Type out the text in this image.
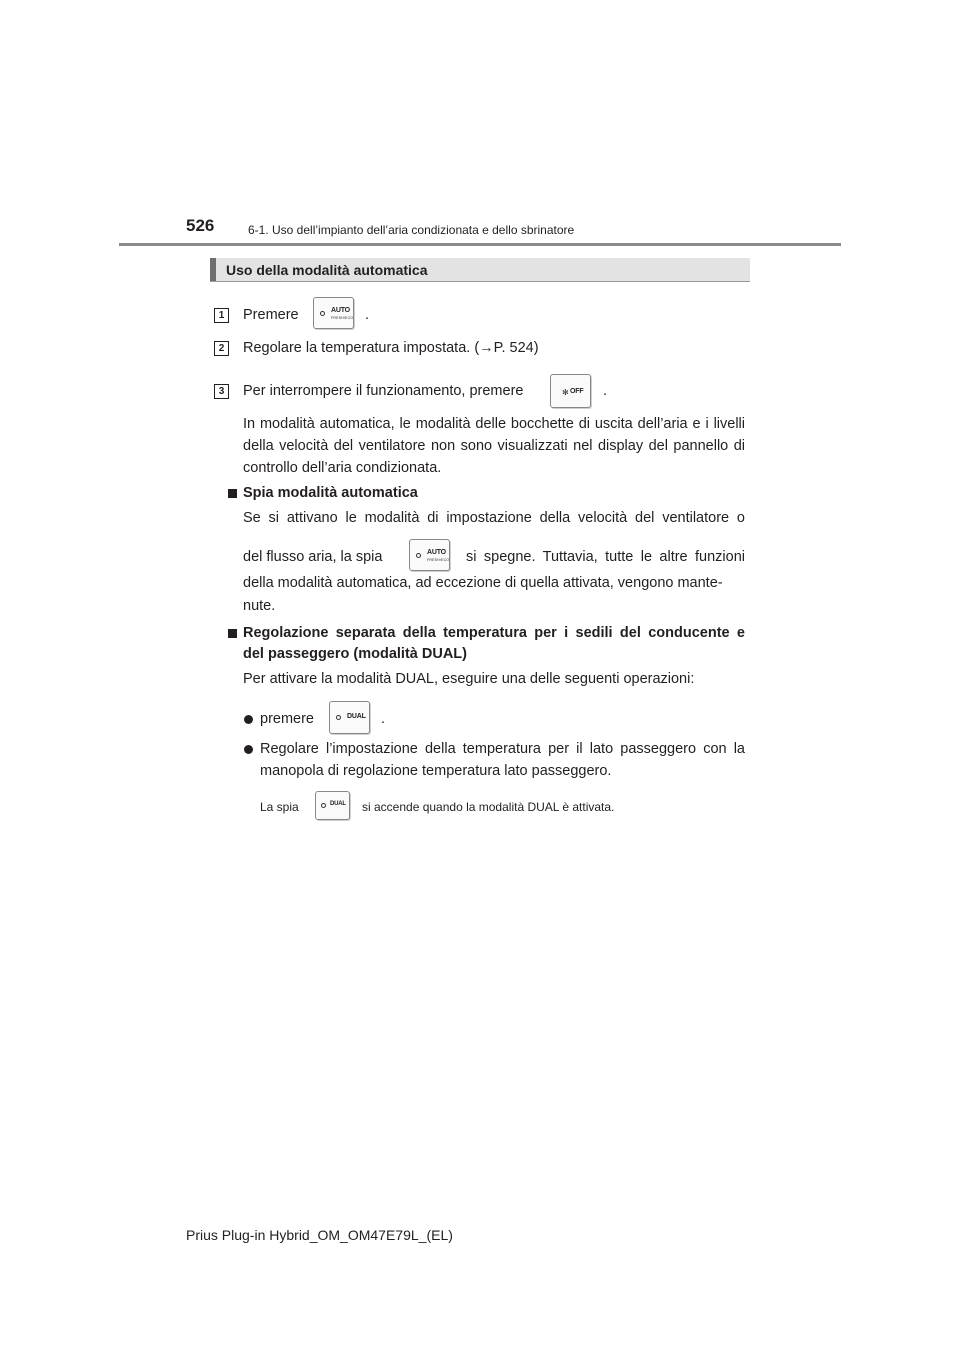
526	6-1. Uso dell’impianto dell’aria condizionata e dello sbrinatore
Uso della modalità automatica
1	Premere	AUTO
FRESH/ECO .
2	Regolare la temperatura impostata. (→P. 524)
3	Per interrompere il funzionamento, premere	✻ OFF .
In modalità automatica, le modalità delle bocchette di uscita dell’aria e i livelli della velocità del ventilatore non sono visualizzati nel display del pannello di controllo dell’aria condizionata.
Spia modalità automatica
Se si attivano le modalità di impostazione della velocità del ventilatore o
del flusso aria, la spia	AUTO
FRESH/ECO si spegne. Tuttavia, tutte le altre funzioni
della modalità automatica, ad eccezione di quella attivata, vengono mante-
nute.
Regolazione separata della temperatura per i sedili del conducente e
del passeggero (modalità DUAL)
Per attivare la modalità DUAL, eseguire una delle seguenti operazioni:
premere	DUAL .
Regolare l’impostazione della temperatura per il lato passeggero con la
manopola di regolazione temperatura lato passeggero.
La spia	DUAL si accende quando la modalità DUAL è attivata.
Prius Plug-in Hybrid_OM_OM47E79L_(EL)
